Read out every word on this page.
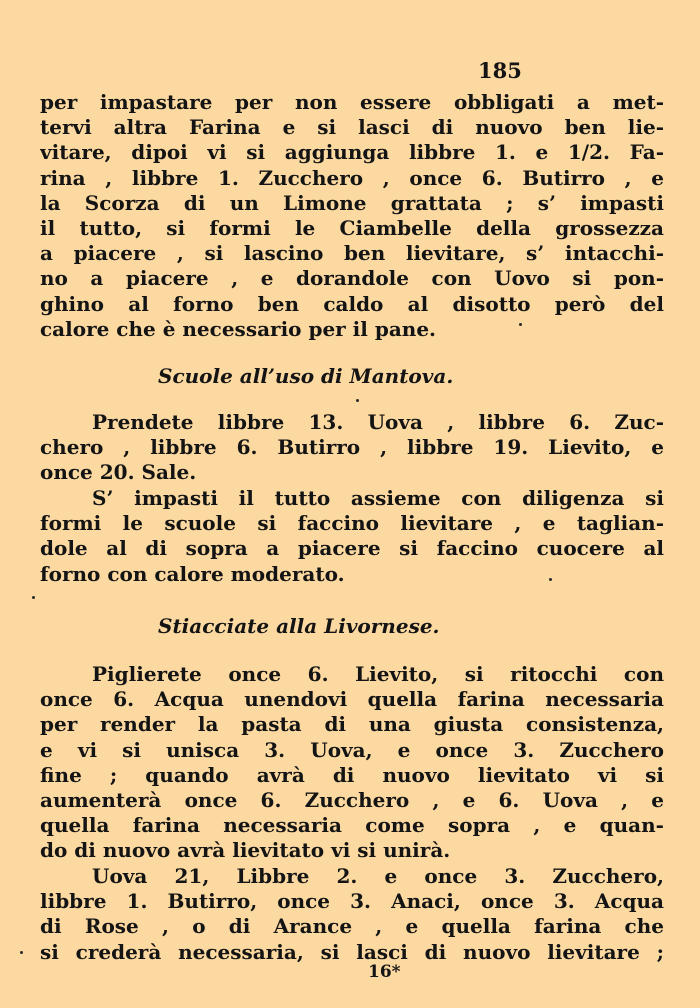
185
per impastare per non essere obbligati a met-
tervi altra Farina e si lasci di nuovo ben lie-
vitare, dipoi vi si aggiunga libbre 1. e 1/2. Fa-
rina , libbre 1. Zucchero , once 6. Butirro , e
la Scorza di un Limone grattata ; s’ impasti
il tutto, si formi le Ciambelle della grossezza
a piacere , si lascino ben lievitare, s’ intacchi-
no a piacere , e dorandole con Uovo si pon-
ghino al forno ben caldo al disotto però del
calore che è necessario per il pane.
Scuole all’uso di Mantova.
Prendete libbre 13. Uova , libbre 6. Zuc-
chero , libbre 6. Butirro , libbre 19. Lievito, e
once 20. Sale.
S’ impasti il tutto assieme con diligenza si
formi le scuole si faccino lievitare , e taglian-
dole al di sopra a piacere si faccino cuocere al
forno con calore moderato.
Stiacciate alla Livornese.
Piglierete once 6. Lievito, si ritocchi con
once 6. Acqua unendovi quella farina necessaria
per render la pasta di una giusta consistenza,
e vi si unisca 3. Uova, e once 3. Zucchero
fine ; quando avrà di nuovo lievitato vi si
aumenterà once 6. Zucchero , e 6. Uova , e
quella farina necessaria come sopra , e quan-
do di nuovo avrà lievitato vi si unirà.
Uova 21, Libbre 2. e once 3. Zucchero,
libbre 1. Butirro, once 3. Anaci, once 3. Acqua
di Rose , o di Arance , e quella farina che
si crederà necessaria, si lasci di nuovo lievitare ;
16*
